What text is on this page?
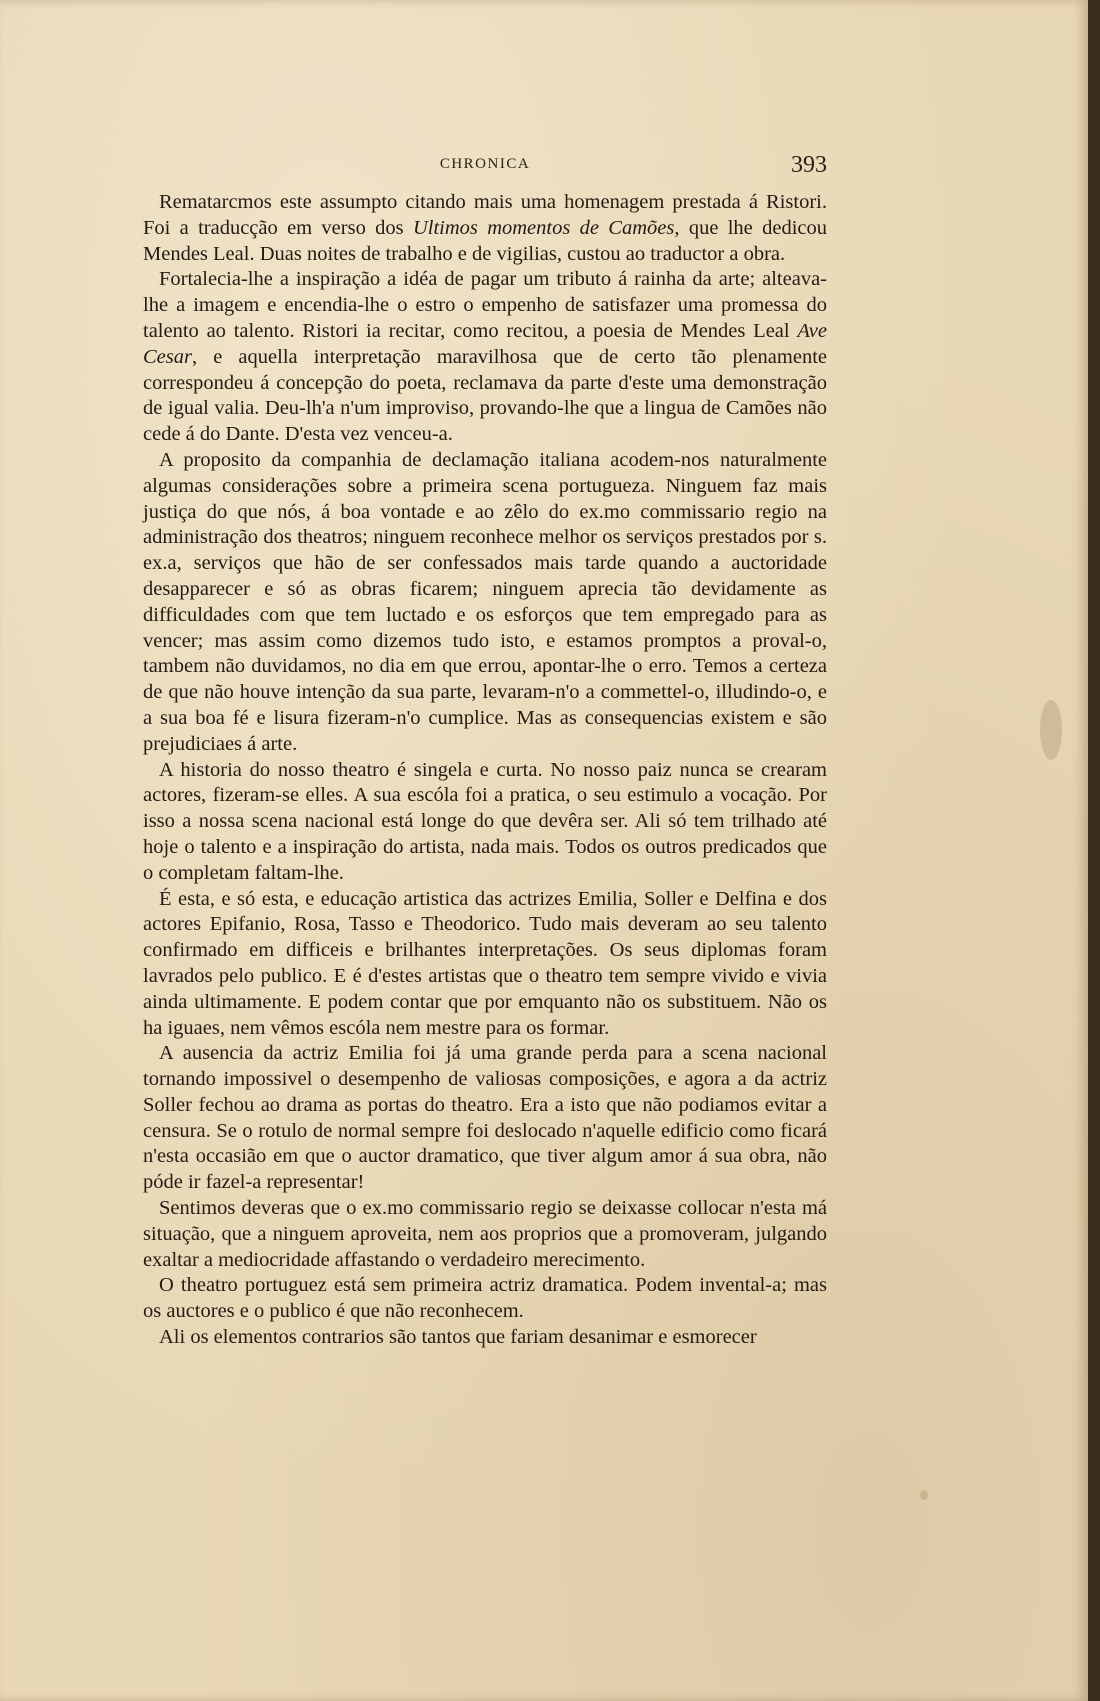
CHRONICA	393

Rematarcmos este assumpto citando mais uma homenagem prestada á Ristori. Foi a traducção em verso dos Ultimos momentos de Camões, que lhe dedicou Mendes Leal. Duas noites de trabalho e de vigilias, custou ao traductor a obra.

Fortalecia-lhe a inspiração a idéa de pagar um tributo á rainha da arte; alteava-lhe a imagem e encendia-lhe o estro o empenho de satisfazer uma promessa do talento ao talento. Ristori ia recitar, como recitou, a poesia de Mendes Leal Ave Cesar, e aquella interpretação maravilhosa que de certo tão plenamente correspondeu á concepção do poeta, reclamava da parte d'este uma demonstração de igual valia. Deu-lh'a n'um improviso, provando-lhe que a lingua de Camões não cede á do Dante. D'esta vez venceu-a.

A proposito da companhia de declamação italiana acodem-nos naturalmente algumas considerações sobre a primeira scena portugueza. Ninguem faz mais justiça do que nós, á boa vontade e ao zêlo do ex.mo commissario regio na administração dos theatros; ninguem reconhece melhor os serviços prestados por s. ex.a, serviços que hão de ser confessados mais tarde quando a auctoridade desapparecer e só as obras ficarem; ninguem aprecia tão devidamente as difficuldades com que tem luctado e os esforços que tem empregado para as vencer; mas assim como dizemos tudo isto, e estamos promptos a proval-o, tambem não duvidamos, no dia em que errou, apontar-lhe o erro. Temos a certeza de que não houve intenção da sua parte, levaram-n'o a commettel-o, illudindo-o, e a sua boa fé e lisura fizeram-n'o cumplice. Mas as consequencias existem e são prejudiciaes á arte.

A historia do nosso theatro é singela e curta. No nosso paiz nunca se crearam actores, fizeram-se elles. A sua escóla foi a pratica, o seu estimulo a vocação. Por isso a nossa scena nacional está longe do que devêra ser. Ali só tem trilhado até hoje o talento e a inspiração do artista, nada mais. Todos os outros predicados que o completam faltam-lhe.

É esta, e só esta, e educação artistica das actrizes Emilia, Soller e Delfina e dos actores Epifanio, Rosa, Tasso e Theodorico. Tudo mais deveram ao seu talento confirmado em difficeis e brilhantes interpretações. Os seus diplomas foram lavrados pelo publico. E é d'estes artistas que o theatro tem sempre vivido e vivia ainda ultimamente. E podem contar que por emquanto não os substituem. Não os ha iguaes, nem vêmos escóla nem mestre para os formar.

A ausencia da actriz Emilia foi já uma grande perda para a scena nacional tornando impossivel o desempenho de valiosas composições, e agora a da actriz Soller fechou ao drama as portas do theatro. Era a isto que não podiamos evitar a censura. Se o rotulo de normal sempre foi deslocado n'aquelle edificio como ficará n'esta occasião em que o auctor dramatico, que tiver algum amor á sua obra, não póde ir fazel-a representar!

Sentimos deveras que o ex.mo commissario regio se deixasse collocar n'esta má situação, que a ninguem aproveita, nem aos proprios que a promoveram, julgando exaltar a mediocridade affastando o verdadeiro merecimento.

O theatro portuguez está sem primeira actriz dramatica. Podem invental-a; mas os auctores e o publico é que não reconhecem.

Ali os elementos contrarios são tantos que fariam desanimar e esmorecer
